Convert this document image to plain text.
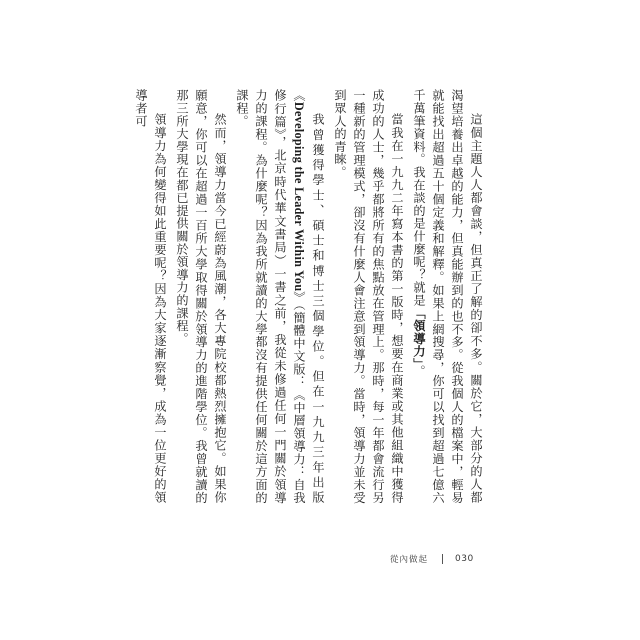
這個主題人人都會談，但真正了解的卻不多。關於它，大部分的人都渴望培養出卓越的能力，但真能辦到的也不多。從我個人的檔案中，輕易就能找出超過五十個定義和解釋。如果上網搜尋，你可以找到超過七億六千萬筆資料。我在談的是什麼呢？就是「領導力」。

當我在一九九二年寫本書的第一版時，想要在商業或其他組織中獲得成功的人士，幾乎都將所有的焦點放在管理上。那時，每一年都會流行另一種新的管理模式，卻沒有什麼人會注意到領導力。當時，領導力並未受到眾人的青睞。

我曾獲得學士、碩士和博士三個學位。但在一九九三年出版《Developing the Leader Within You》（簡體中文版：《中層領導力：自我修行篇》，北京時代華文書局）一書之前，我從未修過任何一門關於領導力的課程。為什麼呢？因為我所就讀的大學都沒有提供任何關於這方面的課程。

然而，領導力當今已經蔚為風潮，各大專院校都熱烈擁抱它。如果你願意，你可以在超過一百所大學取得關於領導力的進階學位。我曾就讀的那三所大學現在都已提供關於領導力的課程。

領導力為何變得如此重要呢？因為大家逐漸察覺，成為一位更好的領導者可

從內做起	030
